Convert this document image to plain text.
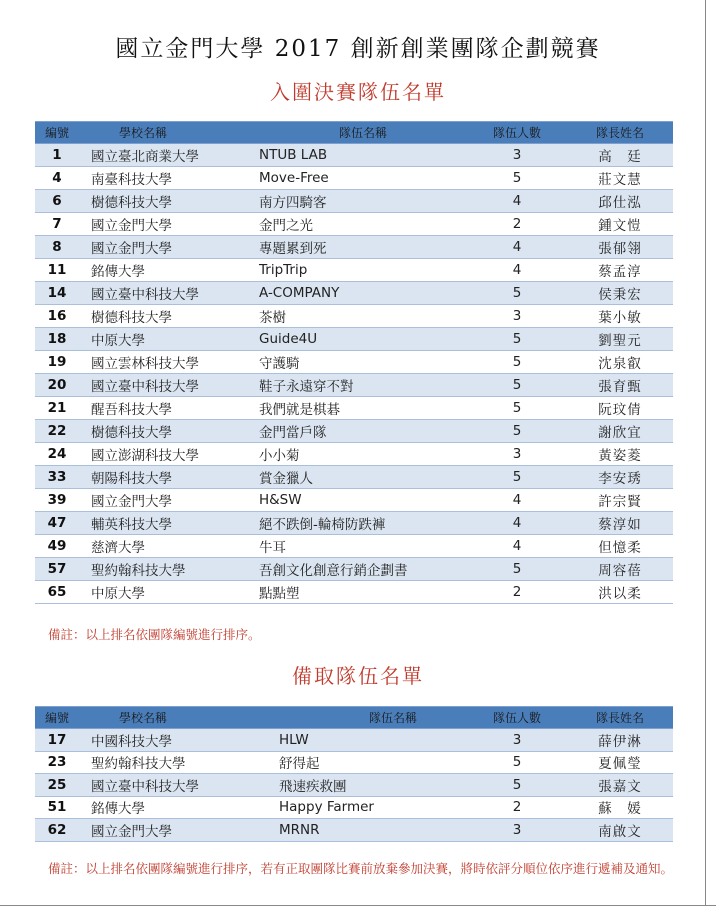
國立金門大學 2017 創新創業團隊企劃競賽
入圍決賽隊伍名單
編號	學校名稱	隊伍名稱	隊伍人數	隊長姓名
1	國立臺北商業大學	NTUB LAB	3	高　廷
4	南臺科技大學	Move-Free	5	莊文慧
6	樹德科技大學	南方四騎客	4	邱仕泓
7	國立金門大學	金門之光	2	鍾文愷
8	國立金門大學	專題累到死	4	張郁翎
11	銘傳大學	TripTrip	4	蔡孟淳
14	國立臺中科技大學	A-COMPANY	5	侯秉宏
16	樹德科技大學	茶樹	3	葉小敏
18	中原大學	Guide4U	5	劉聖元
19	國立雲林科技大學	守護騎	5	沈泉叡
20	國立臺中科技大學	鞋子永遠穿不對	5	張育甄
21	醒吾科技大學	我們就是棋碁	5	阮玟倩
22	樹德科技大學	金門當戶隊	5	謝欣宜
24	國立澎湖科技大學	小小菊	3	黃姿菱
33	朝陽科技大學	賞金獵人	5	李安琇
39	國立金門大學	H&SW	4	許宗賢
47	輔英科技大學	絕不跌倒-輪椅防跌褲	4	蔡淳如
49	慈濟大學	牛耳	4	但憶柔
57	聖約翰科技大學	吾創文化創意行銷企劃書	5	周容蓓
65	中原大學	點點塑	2	洪以柔
備註：以上排名依團隊編號進行排序。
備取隊伍名單
編號	學校名稱	隊伍名稱	隊伍人數	隊長姓名
17	中國科技大學	HLW	3	薛伊淋
23	聖約翰科技大學	舒得起	5	夏佩瑩
25	國立臺中科技大學	飛速疾救團	5	張嘉文
51	銘傳大學	Happy Farmer	2	蘇　媛
62	國立金門大學	MRNR	3	南啟文
備註：以上排名依團隊編號進行排序，若有正取團隊比賽前放棄參加決賽，將時依評分順位依序進行遞補及通知。
